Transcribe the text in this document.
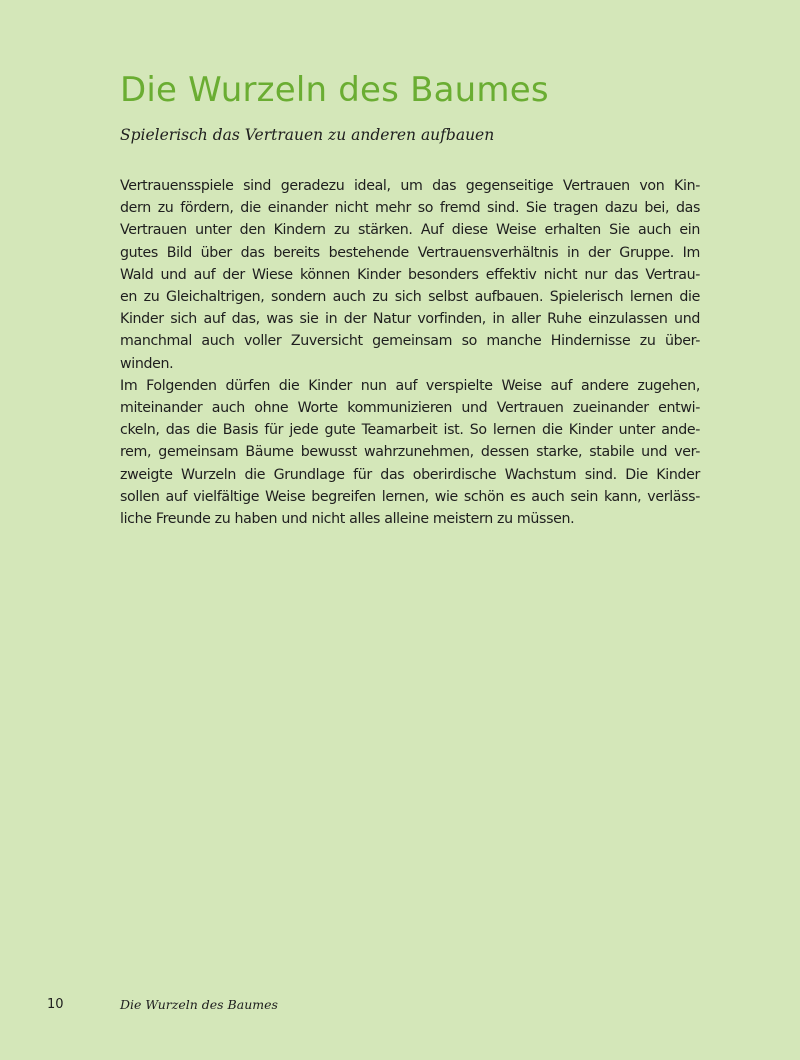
Die Wurzeln des Baumes

Spielerisch das Vertrauen zu anderen aufbauen

Vertrauensspiele sind geradezu ideal, um das gegenseitige Vertrauen von Kin-
dern zu fördern, die einander nicht mehr so fremd sind. Sie tragen dazu bei, das
Vertrauen unter den Kindern zu stärken. Auf diese Weise erhalten Sie auch ein
gutes Bild über das bereits bestehende Vertrauensverhältnis in der Gruppe. Im
Wald und auf der Wiese können Kinder besonders effektiv nicht nur das Vertrau-
en zu Gleichaltrigen, sondern auch zu sich selbst aufbauen. Spielerisch lernen die
Kinder sich auf das, was sie in der Natur vorfinden, in aller Ruhe einzulassen und
manchmal auch voller Zuversicht gemeinsam so manche Hindernisse zu über-
winden.
Im Folgenden dürfen die Kinder nun auf verspielte Weise auf andere zugehen,
miteinander auch ohne Worte kommunizieren und Vertrauen zueinander entwi-
ckeln, das die Basis für jede gute Teamarbeit ist. So lernen die Kinder unter ande-
rem, gemeinsam Bäume bewusst wahrzunehmen, dessen starke, stabile und ver-
zweigte Wurzeln die Grundlage für das oberirdische Wachstum sind. Die Kinder
sollen auf vielfältige Weise begreifen lernen, wie schön es auch sein kann, verläss-
liche Freunde zu haben und nicht alles alleine meistern zu müssen.
10	Die Wurzeln des Baumes
